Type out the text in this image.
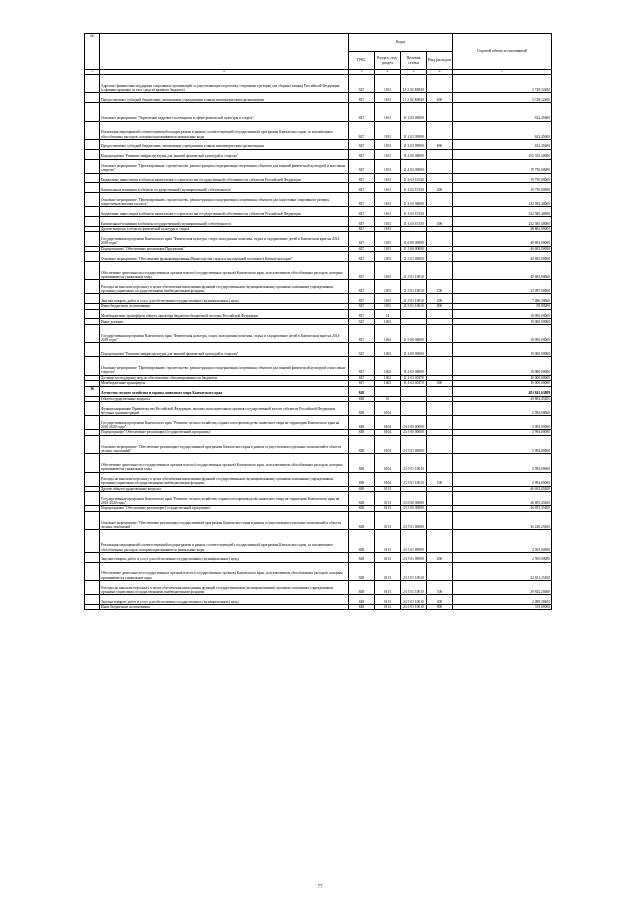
№		Коды				Годовой объем ассигнований
		ГРБС	Раздел, под-раздел	Целевая статья	Вид расходов	
1	2	3	4	5	6	7
	Адресное финансовая поддержка спортивных организаций, осуществляющих подготовку спортивного резерва для сборных команд Российской Федерации (софинансирование за счет средств краевого бюджета)	847	1103	11 2 02 R0810		3 728,32400
	Предоставление субсидий бюджетным, автономным учреждениям и иным некоммерческим организациям	847	1103	11 2 02 R0810	600	3 728,32400
	Основное мероприятие "Укрепление кадрового потенциала в сфере физической культуры и спорта"	847	1103	11 2 03 00000		632,45600
	Реализация мероприятий соответствующей подпрограммы в рамках соответствующей государственной программы Камчатского края, за исключением обособленных расходов, которым присваиваются уникальные коды	847	1103	11 2 03 09990		632,45600
	Предоставление субсидий бюджетным, автономным учреждениям и иным некоммерческим организациям	847	1103	11 2 03 09990	600	632,45600
	Подпрограмма "Развитие инфраструктуры для занятий физической культурой и спортом"	847	1103	11 4 00 00000		252 335,40000
	Основное мероприятие "Проектирование, строительство, реконструкция и модернизация спортивных объектов для занятий физической культурой и массовым спортом"	847	1103	11 4 02 00000		19 750,00000
	Бюджетные инвестиции в объекты капитального строительства государственной собственности субъектов Российской Федерации	847	1103	11 4 02 10130		19 750,00000
	Капитальные вложения в объекты государственной (муниципальной) собственности	847	1103	11 4 02 10130	400	19 750,00000
	Основное мероприятие "Проектирование, строительство, реконструкция и модернизация спортивных объектов для подготовки спортивного резерва, спортсменов высокого класса"	847	1103	11 4 03 00000		232 585,40000
	Бюджетные инвестиции в объекты капитального строительства государственной собственности субъектов Российской Федерации	847	1103	11 4 03 10130		232 585,40000
	Капитальные вложения в объекты государственной (муниципальной) собственности	847	1103	11 4 03 10130	400	232 585,40000
	Другие вопросы в области физической культуры и спорта	847	1105			40 683,90000
	Государственная программа Камчатского края "Физическая культура, спорт, молодежная политика, отдых и оздоровление детей в Камчатском крае на 2014-2018 годы"	847	1105	11 0 00 00000		40 683,90000
	Подпрограмма "Обеспечение реализации Программы"	847	1105	11 3 00 00000		40 683,90000
	Основное мероприятие "Обеспечение функционирования Министерства спорта и молодежной политики в Камчатском крае"	847	1105	11 3 01 00000		40 683,90000
	Обеспечение деятельности государственных органов власти (государственных органов) Камчатского края, за исключением обособленных расходов, которым присваиваются уникальные коды	847	1105	11 3 01 10010		40 683,90000
	Расходы на выплаты персоналу в целях обеспечения выполнения функций государственными (муниципальными) органами, казенными учреждениями, органами управления государственными внебюджетными фондами	847	1105	11 3 01 10010	100	33 097,30000
	Закупка товаров, работ и услуг для обеспечения государственных (муниципальных) нужд	847	1105	11 3 01 10010	200	7 486,30000
	Иные бюджетные ассигнования	847	1105	11 3 01 10010	800	99,90000
	Межбюджетные трансферты общего характера бюджетам бюджетной системы Российской Федерации	847	14			10 000,00000
	Иные дотации	847	1402			10 000,00000
	Государственная программа Камчатского края "Физическая культура, спорт, молодежная политика, отдых и оздоровление детей в Камчатском крае на 2014-2018 годы"	847	1402	11 0 00 00000		10 000,00000
	Подпрограмма "Развитие инфраструктуры для занятий физической культурой и спортом"	847	1402	11 4 00 00000		10 000,00000
	Основное мероприятие "Проектирование, строительство, реконструкция и модернизация спортивных объектов для занятий физической культурой и массовым спортом"	847	1402	11 4 02 00000		10 000,00000
	Дотации на поддержку мер по обеспечению сбалансированности бюджетов	847	1402	11 4 02 40370		10 000,00000
	Межбюджетные трансферты	847	1402	11 4 02 40370	500	10 000,00000
36	Агентство лесного хозяйства и охраны животного мира Камчатского края	848				483 845,63889
	Общегосударственные вопросы	848	01			49 683,45400
	Функционирование Правительства Российской Федерации, высших исполнительных органов государственной власти субъектов Российской Федерации, местных администраций	848	0104			2 994,00000
	Государственная программа Камчатского края "Развитие лесного хозяйства, охрана и воспроизводство животного мира на территории Камчатского края на 2016-2020 годы"	848	0104	23 0 00 00000		2 994,00000
	Подпрограмма "Обеспечение реализации Государственной программы"	848	0104	23 5 00 00000		2 994,00000
	Основное мероприятие "Обеспечение реализации государственной программы Камчатского края в рамках осуществления отдельных полномочий в области лесных отношений"	848	0104	23 5 01 00000		2 994,00000
	Обеспечение деятельности государственных органов власти (государственных органов) Камчатского края, за исключением обособленных расходов, которым присваиваются уникальные коды	848	0104	23 5 01 10010		2 994,00000
	Расходы на выплаты персоналу в целях обеспечения выполнения функций государственными (муниципальными) органами, казенными учреждениями, органами управления государственными внебюджетными фондами	848	0104	23 5 01 10010	100	2 994,00000
	Другие общегосударственные вопросы	848	0113			46 693,45400
	Государственная программа Камчатского края "Развитие лесного хозяйства, охрана и воспроизводство животного мира на территории Камчатского края на 2016-2020 годы"	848	0113	23 0 00 00000		46 693,45400
	Подпрограмма "Обеспечение реализации Государственной программы"	848	0113	23 5 00 00000		46 693,45400
	Основное мероприятие "Обеспечение реализации государственной программы Камчатского края в рамках осуществления отдельных полномочий в области лесных отношений"	848	0113	23 5 01 00000		36 246,25400
	Реализация мероприятий соответствующей подпрограммы в рамках соответствующей государственной программы Камчатского края, за исключением обособленных расходов, которым присваиваются уникальные коды	848	0113	23 5 01 09990		2 595,00000
	Закупка товаров, работ и услуг для обеспечения государственных (муниципальных) нужд	848	0113	23 5 01 09990	200	2 595,00000
	Обеспечение деятельности государственных органов власти (государственных органов) Камчатского края, за исключением обособленных расходов, которым присваиваются уникальные коды	848	0113	23 5 01 10010		32 651,25400
	Расходы на выплаты персоналу в целях обеспечения выполнения функций государственными (муниципальными) органами, казенными учреждениями, органами управления государственными внебюджетными фондами	848	0113	23 5 01 10010	100	29 842,25000
	Закупка товаров, работ и услуг для обеспечения государственных (муниципальных) нужд	848	0113	23 5 01 10010	200	2 489,30400
	Иные бюджетные ассигнования	848	0113	23 5 01 10010	800	319,69000
77
